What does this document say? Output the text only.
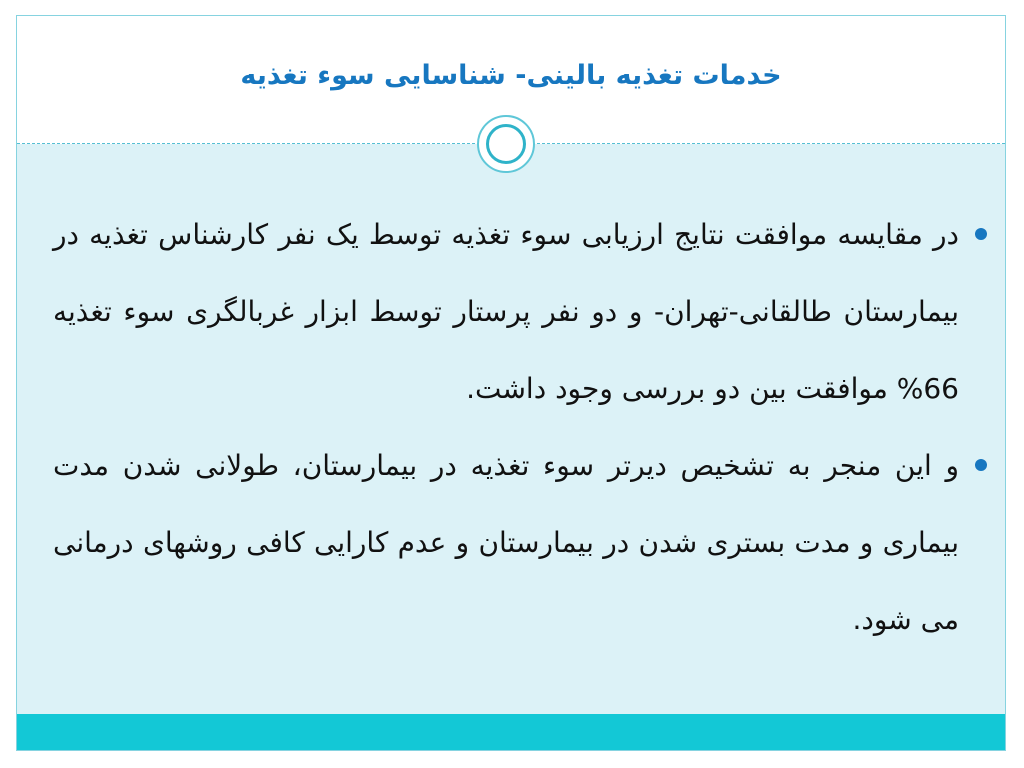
خدمات تغذیه بالینی- شناسایی سوء تغذیه
در مقایسه موافقت نتایج ارزیابی سوء تغذیه توسط یک نفر کارشناس تغذیه در بیمارستان طالقانی-تهران- و دو نفر پرستار توسط ابزار غربالگری سوء تغذیه 66% موافقت بین دو بررسی وجود داشت.
و این منجر به تشخیص دیرتر سوء تغذیه در بیمارستان، طولانی شدن مدت بیماری و مدت بستری شدن در بیمارستان و عدم کارایی کافی روشهای درمانی می شود.
